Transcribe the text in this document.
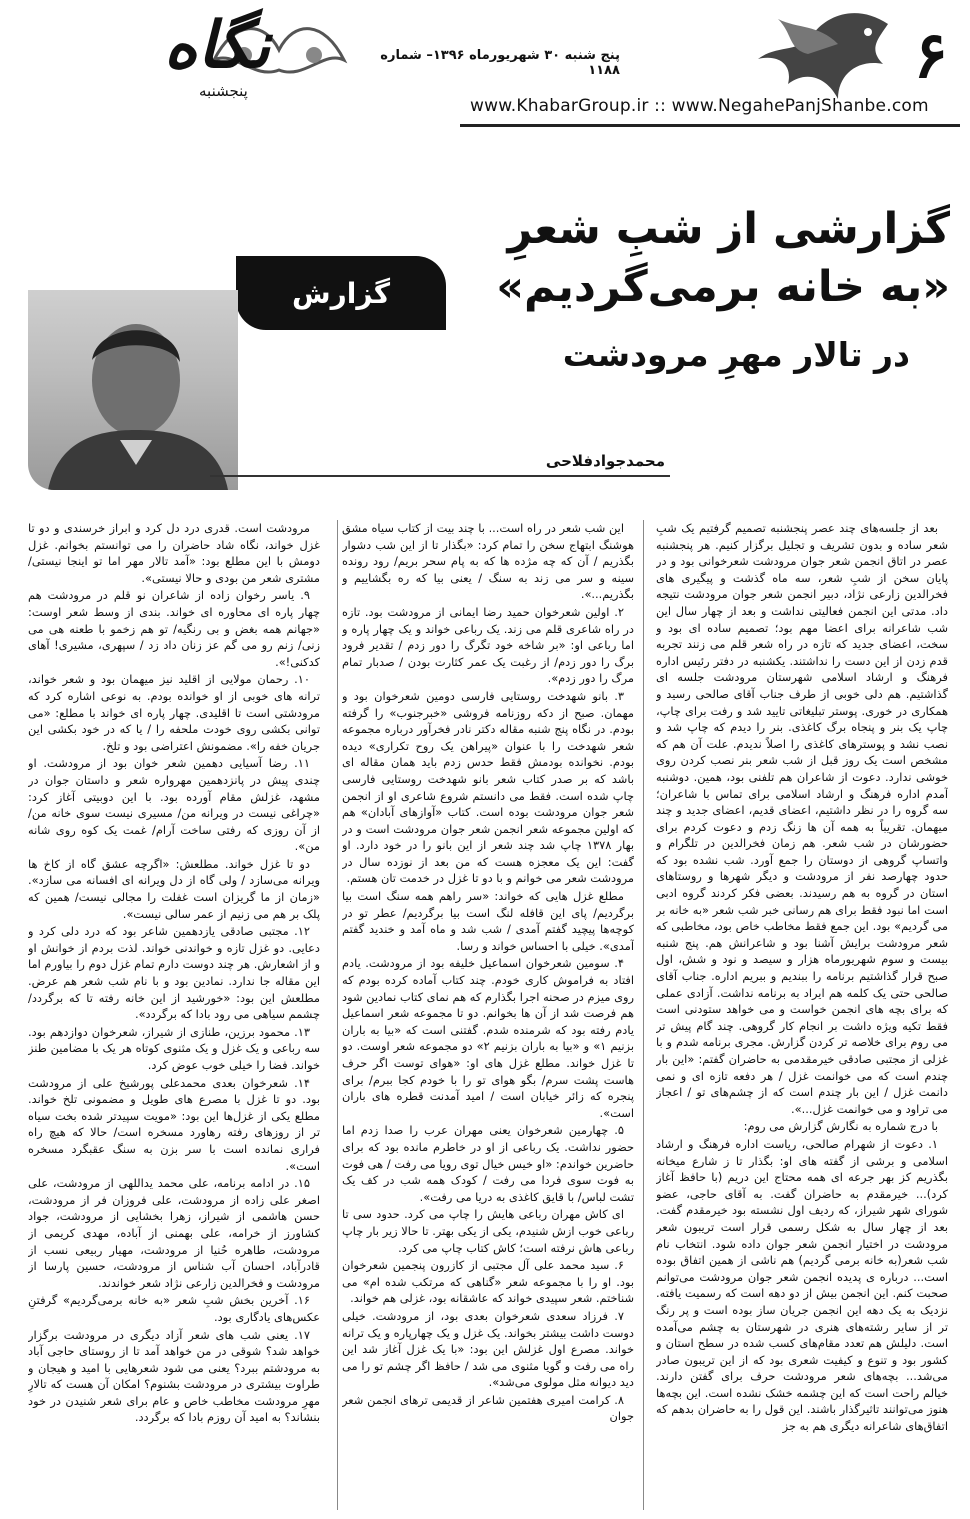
۶
نگاه
پنجشنبه
پنج شنبه ۳۰ شهریورماه ۱۳۹۶– شماره ۱۱۸۸
www.KhabarGroup.ir :: www.NegahePanjShanbe.com
گزارش
گزارشی از شبِ شعرِ
«به خانه برمی‌گردیم»
در تالار مهرِ مرودشت
محمدجوادفلاحی

بعد از جلسه‌های چند عصر پنجشنبه تصمیم گرفتیم یک شبِ شعر ساده و بدون تشریف و تجلیل برگزار کنیم. هر پنجشنبه عصر در اتاق انجمن شعر جوان مرودشت شعرخوانی بود و در پایان سخن از شبِ شعر، سه ماه گذشت و پیگیری های فخرالدین زارعی نژاد، دبیر انجمن شعر جوان مرودشت نتیجه داد. مدتی این انجمن فعالیتی نداشت و بعد از چهار سال این شب شاعرانه برای اعضا مهم بود؛ تصمیم ساده ای بود و سخت، اعضای جدید که تازه در راه شعر قلم می زنند تجربه قدم زدن از این دست را نداشتند. یکشنبه در دفتر رئیس اداره فرهنگ و ارشاد اسلامی شهرستان مرودشت جلسه ای گذاشتیم. هم دلی خوبی از طرف جناب آقای صالحی رسید و همکاری در خوری. پوستر تبلیغاتی تایید شد و رفت برای چاپ، چاپ یک بنر و پنجاه برگ کاغذی. بنر را دیدم که چاپ شد و نصب نشد و پوسترهای کاغذی را اصلاً ندیدم. علت آن هم که مشخص است یک روز قبل از شب شعر بنر نصب کردن روی خوشی ندارد. دعوت از شاعران هم تلفنی بود، همین. دوشنبه آمدم اداره فرهنگ و ارشاد اسلامی برای تماس با شاعران؛ سه گروه را در نظر داشتیم، اعضای قدیم، اعضای جدید و چند میهمان. تقریباً به همه آن ها زنگ زدم و دعوت کردم برای حضورشان در شب شعر. هم زمان فخرالدین در تلگرام و واتساپ گروهی از دوستان را جمع آورد. شب نشده بود که حدود چهارصد نفر از مرودشت و دیگر شهرها و روستاهای استان در گروه به هم رسیدند. بعضی فکر کردند گروه ادبی است اما نبود فقط برای هم رسانی خبر شب شعر «به خانه بر می گردیم» بود. این جمع فقط مخاطب خاص بود، مخاطبی که شعر مرودشت برایش آشنا بود و شاعرانش هم. پنج شنبه بیست و سوم شهریورماه هزار و سیصد و نود و شش، اول صبح قرار گذاشتیم برنامه را ببندیم و ببریم اداره. جناب آقای صالحی حتی یک کلمه هم ایراد به برنامه نداشت. آزادی عملی که برای بچه های انجمن خواست و می خواهد ستودنی است فقط تکیه ویژه داشت بر انجام کار گروهی. چند گام پیش تر می روم برای خلاصه تر کردن گزارش. مجری برنامه شدم و با غزلی از مجتبی صادقی خیرمقدمی به حاضران گفتم: «این بار چندم است که می خوانمت غزل / هر دفعه تازه ای و نمی دانمت غزل / این بار چندم است که از چشم‌های تو / اعجاز می تراود و می خوانمت غزل...».

با درج شماره به نگارش گزارش می روم:

۱. دعوت از شهرام صالحی، ریاست اداره فرهنگ و ارشاد اسلامی و برشی از گفته های او: بگذار تا ز شارع میخانه بگذریم کز بهر جرعه ای همه محتاج این دریم (با حافظ آغاز کرد)... خیرمقدم به حاضران گفت. به آقای حاجی، عضو شورای شهر شیراز، که ردیف اول نشسته بود خیرمقدم گفت. بعد از چهار سال به شکل رسمی قرار است تریبون شعر مرودشت در اختیار انجمن شعر جوان داده شود. انتخاب نام شب شعر(به خانه برمی گردیم) هم ناشی از همین اتفاق بوده است... درباره ی پدیده انجمن شعر جوان مرودشت می‌توانم صحبت کنم. این انجمن بیش از دو دهه است که رسمیت یافته. نزدیک به یک دهه این انجمن جریان ساز بوده است و پر رنگ تر از سایر رشته‌های هنری در شهرستان به چشم می‌آمده است. دلیلش هم تعدد مقام‌های کسب شده در سطح استان و کشور بود و تنوع و کیفیت شعری بود که از این تریبون صادر می‌شد... بچه‌های شعر مرودشت حرف برای گفتن دارند. خیالم راحت است که این چشمه خشک نشده است. این بچه‌ها هنوز می‌توانند تاثیرگذار باشند. این قول را به حاضران بدهم که اتفاق‌های شاعرانه دیگری هم به جز

این شب شعر در راه است... با چند بیت از کتاب سیاه مشق هوشنگ ابتهاج سخن را تمام کرد: «بگذار تا از این شب دشوار بگذریم / آن که چه مژده ها که به پام سحر بریم/ رود رونده سینه و سر می زند به سنگ / یعنی بیا که ره بگشاییم و بگذریم...».

۲. اولین شعرخوان حمید رضا ایمانی از مرودشت بود. تازه در راه شاعری قلم می زند. یک رباعی خواند و یک چهار پاره و اما رباعی او: «بر شاخه خود تگرگ را دور زدم / تقدیر فرود برگ را دور زدم/ از رغبت یک عمر کثارت بودن / صدبار تمام مرگ را دور زدم».

۳. بانو شهدخت روستایی فارسی دومین شعرخوان بود و مهمان. صبح از دکه روزنامه فروشی «خبرجنوب» را گرفته بودم. در نگاه پنج شنبه مقاله دکتر نادر فخرآور درباره مجموعه شعر شهدخت را با عنوان «پیراهن یک روح تکراری» دیده بودم. نخوانده بودمش فقط حدس زدم باید همان مقاله ای باشد که بر صدر کتاب شعر بانو شهدخت روستایی فارسی چاپ شده است. فقط می دانستم شروع شاعری او از انجمن شعر جوان مرودشت بوده است. کتاب «آوازهای آبادان» هم که اولین مجموعه شعر انجمن شعر جوان مرودشت است و در بهار ۱۳۷۸ چاپ شد چند شعر از این بانو را در خود دارد. او گفت: این یک معجزه هست که من بعد از نوزده سال در مرودشت شعر می خوانم و با دو تا غزل در خدمت تان هستم.

مطلع غزل هایی که خواند: «سر راهم همه سنگ است بیا برگردیم/ پای این قافله لنگ است بیا برگردیم/ عطر تو در کوچه‌ها پیچید گفتم آمدی / شب شد و ماه آمد و خندید گفتم آمدی». خیلی با احساس خواند و رسا.

۴. سومین شعرخوان اسماعیل خلیفه بود از مرودشت. یادم افتاد به فراموش کاری خودم. چند کتاب آماده کرده بودم که روی میزم در صحنه اجرا بگذارم که هم نمای کتاب نمادین شود هم فرصت شد از آن ها بخوانم. دو تا مجموعه شعر اسماعیل یادم رفته بود که شرمنده شدم. گفتنی است که «بیا به باران بزنیم ۱» و «بیا به باران بزنیم ۲» دو مجموعه شعر اوست. دو تا غزل خواند. مطلع غزل های او: «هوای توست اگر حرف هاست پشت سرم/ بگو هوای تو را با خودم کجا ببرم/ برای پنجره که زائر خیابان است / امید آمدنت قطره های باران است».

۵. چهارمین شعرخوان یعنی مهران عرب را صدا زدم اما حضور نداشت. یک رباعی از او در خاطرم مانده بود که برای حاضرین خواندم: «او خیس خیال توی رویا می رفت / هی فوت به فوت سوی فردا می رفت / کودک همه شب در کف یک تشت لباس/ با قایق کاغذی به دریا می رفت».

ای کاش مهران رباعی هایش را چاپ می کرد. حدود سی تا رباعی خوب ازش شنیدم، یکی از یکی بهتر. تا حالا زیر بار چاپ رباعی هاش نرفته است؛ کاش کتاب چاپ می کرد.

۶. سید محمد علی آل مجتبی از کازرون پنجمین شعرخوان بود. او را با مجموعه شعر «گناهی که مرتکب شده ام» می شناختم. شعر سپیدی خواند که عاشقانه بود، غزلی هم خواند.

۷. فرزاد سعدی شعرخوان بعدی بود، از مرودشت. خیلی دوست داشت بیشتر بخواند. یک غزل و یک چهارپاره و یک ترانه خواند. مصرع اول غزلش این بود: «با یک غزل آغاز شد این راه می رفت و گویا مثنوی می شد / حافظ اگر چشم تو را می دید دیوانه مثل مولوی می‌شد».

۸. کرامت امیری هفتمین شاعر از قدیمی ترهای انجمن شعر جوان

مرودشت است. قدری درد دل کرد و ابراز خرسندی و دو تا غزل خواند، نگاه شاد حاضران را می توانستم بخوانم. غزل دومش با این مطلع بود: «آمد تالار مهر اما تو اینجا نیستی/ مشتری شعر من بودی و حالا نیستی».

۹. یاسر رخوان زاده از شاعران نو قلم در مرودشت هم چهار پاره ای محاوره ای خواند. بندی از وسط شعر اوست: «جهانم همه بغض و بی رنگیه/ تو هم زخمو با طعنه هی می زنی/ زنم رو می گم عز زنان داد زد / سپهری، مشیری! آهای کدکنی!».

۱۰. رحمان مولایی از اقلید نیز میهمان بود و شعر خواند، ترانه های خوبی از او خوانده بودم. به نوعی اشاره کرد که مرودشتی است تا اقلیدی. چهار پاره ای خواند با مطلع: «می توانی بکشی روی خودت ملحفه را / یا که در خود بکشی این جریان خفه را». مضمونش اعتراضی بود و تلخ.

۱۱. رضا آسیایی دهمین شعر خوان بود از مرودشت. او چندی پیش در پانزدهمین مهرواره شعر و داستان جوان در مشهد، غزلش مقام آورده بود. با این دوبیتی آغاز کرد: «چراغی نیست در ویرانه من/ مسیری نیست سوی خانه من/ از آن روزی که رفتی ساخت آرام/ غمت یک کوه روی شانه من».

دو تا غزل خواند. مطلعش: «اگرچه عشق گاه از کاخ ها ویرانه می‌سازد / ولی گاه از دل ویرانه ای افسانه می سازد». «زمان از ما گریزان است غفلت را مجالی نیست/ همین که پلک بر هم می زنیم از عمر سالی نیست».

۱۲. مجتبی صادقی یازدهمین شاعر بود که درد دلی کرد و دعایی. دو غزل تازه و خواندنی خواند. لذت بردم از خوانش او و از اشعارش. هر چند دوست دارم تمام غزل دوم را بیاورم اما این مقاله جا ندارد. نمادین بود و با نام شب شعر هم عرض. مطلعش این بود: «خورشید از این خانه رفته تا که برگردد/ چشمم سیاهی می رود بادا که برگردد».

۱۳. محمود برزین، طنازی از شیراز، شعرخوان دوازدهم بود. سه رباعی و یک غزل و یک مثنوی کوتاه هر یک با مضامین طنز خواند. فضا را خیلی خوب عوض کرد.

۱۴. شعرخوان بعدی محمدعلی پورشیخ علی از مرودشت بود. دو تا غزل با مصرع های طویل و مضمونی تلخ خواند. مطلع یکی از غزل‌ها این بود: «مویت سپیدتر شده بخت سیاه تر از روزهای رفته رهاورد مسخره است/ حالا که هیچ راه فراری نمانده است با سر بزن به سنگ عقبگرد مسخره است».

۱۵. در ادامه برنامه، علی محمد یداللهی از مرودشت، علی اصغر علی زاده از مرودشت، علی فروزان فر از مرودشت، حسن هاشمی از شیراز، زهرا بخشایی از مرودشت، جواد کشاورز از خرامه، علی بهمنی از آباده، مهدی کریمی از مرودشت، طاهره حُنیا از مرودشت، مهیار ربیعی نسب از قادرآباد، احسان آب شناس از مرودشت، حسین پارسا از مرودشت و فخرالدین زارعی نژاد شعر خواندند.

۱۶. آخرین بخش شبِ شعر «به خانه برمی‌گردیم» گرفتنِ عکس‌های یادگاری بود.

۱۷. یعنی شب های شعر آزاد دیگری در مرودشت برگزار خواهد شد؟ شوقی در من خواهد آمد تا از روستای حاجی آباد به مرودشتم ببرد؟ یعنی می شود شعرهایی با امید و هیجان و طراوت بیشتری در مرودشت بشنوم؟ امکان آن هست که تالارِ مهرِ مرودشت مخاطب خاص و عام برای شعر شنیدن در خود بنشاند؟ به امید آن روزم بادا که برگردد.
